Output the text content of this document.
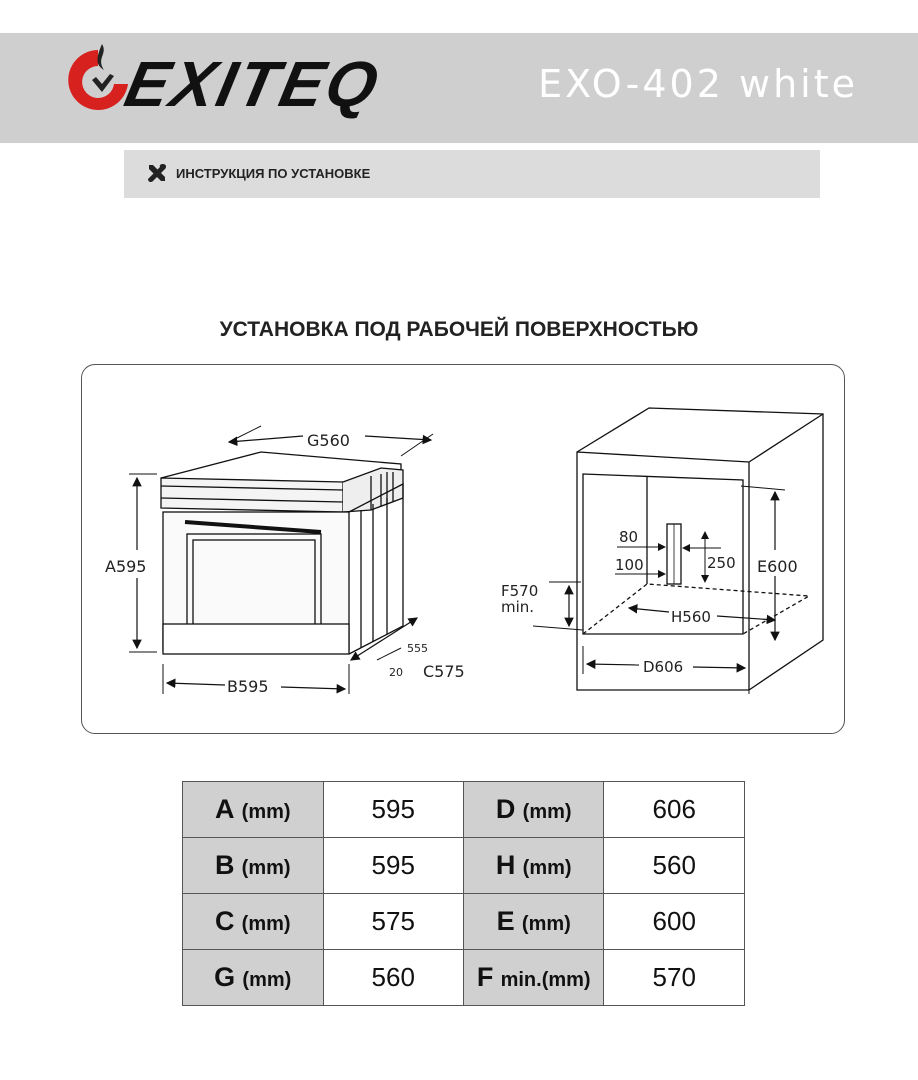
EXITEQ	EXO-402 white
ИНСТРУКЦИЯ ПО УСТАНОВКЕ
УСТАНОВКА ПОД РАБОЧЕЙ ПОВЕРХНОСТЬЮ
G560
A595
B595
555
20 C575
80
100	250 E600
F570
min.
H560
D606
A (mm)	595	D (mm)	606
B (mm)	595	H (mm)	560
C (mm)	575	E (mm)	600
G (mm)	560	F min.(mm)	570
